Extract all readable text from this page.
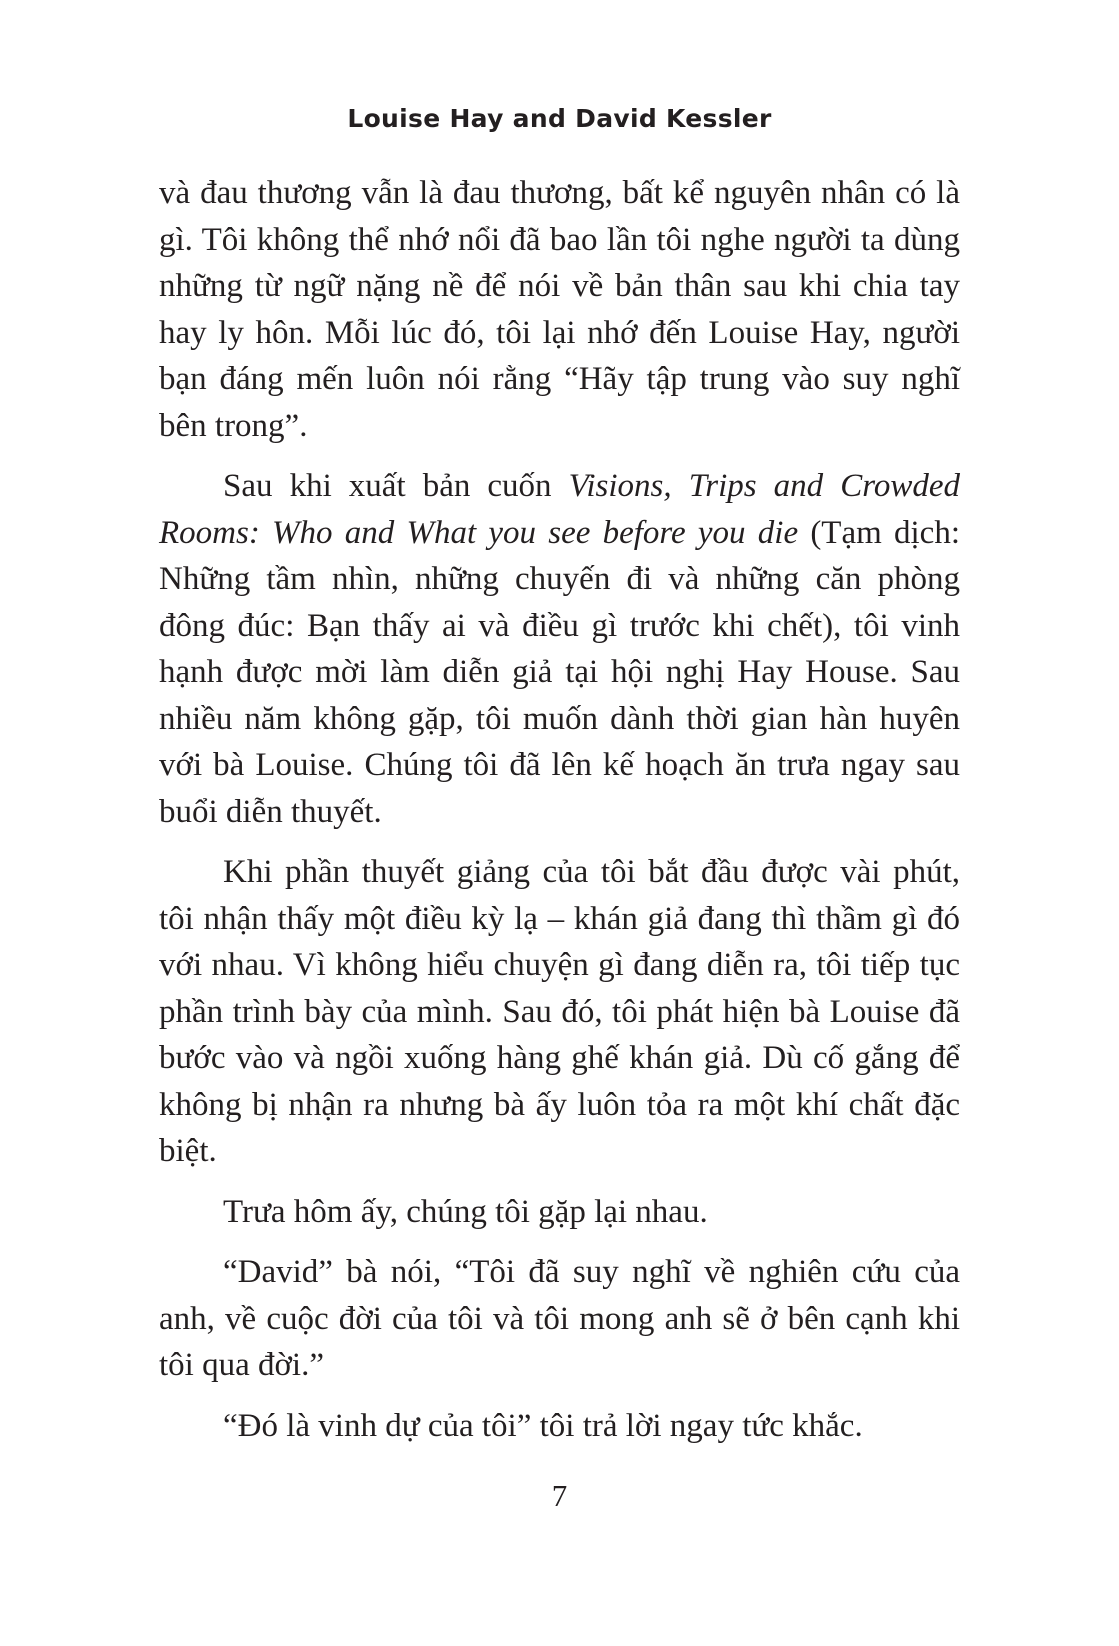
Louise Hay and David Kessler

và đau thương vẫn là đau thương, bất kể nguyên nhân có là gì. Tôi không thể nhớ nổi đã bao lần tôi nghe người ta dùng những từ ngữ nặng nề để nói về bản thân sau khi chia tay hay ly hôn. Mỗi lúc đó, tôi lại nhớ đến Louise Hay, người bạn đáng mến luôn nói rằng “Hãy tập trung vào suy nghĩ bên trong”.

Sau khi xuất bản cuốn Visions, Trips and Crowded Rooms: Who and What you see before you die (Tạm dịch: Những tầm nhìn, những chuyến đi và những căn phòng đông đúc: Bạn thấy ai và điều gì trước khi chết), tôi vinh hạnh được mời làm diễn giả tại hội nghị Hay House. Sau nhiều năm không gặp, tôi muốn dành thời gian hàn huyên với bà Louise. Chúng tôi đã lên kế hoạch ăn trưa ngay sau buổi diễn thuyết.

Khi phần thuyết giảng của tôi bắt đầu được vài phút, tôi nhận thấy một điều kỳ lạ – khán giả đang thì thầm gì đó với nhau. Vì không hiểu chuyện gì đang diễn ra, tôi tiếp tục phần trình bày của mình. Sau đó, tôi phát hiện bà Louise đã bước vào và ngồi xuống hàng ghế khán giả. Dù cố gắng để không bị nhận ra nhưng bà ấy luôn tỏa ra một khí chất đặc biệt.

Trưa hôm ấy, chúng tôi gặp lại nhau.

“David” bà nói, “Tôi đã suy nghĩ về nghiên cứu của anh, về cuộc đời của tôi và tôi mong anh sẽ ở bên cạnh khi tôi qua đời.”

“Đó là vinh dự của tôi” tôi trả lời ngay tức khắc.

7
